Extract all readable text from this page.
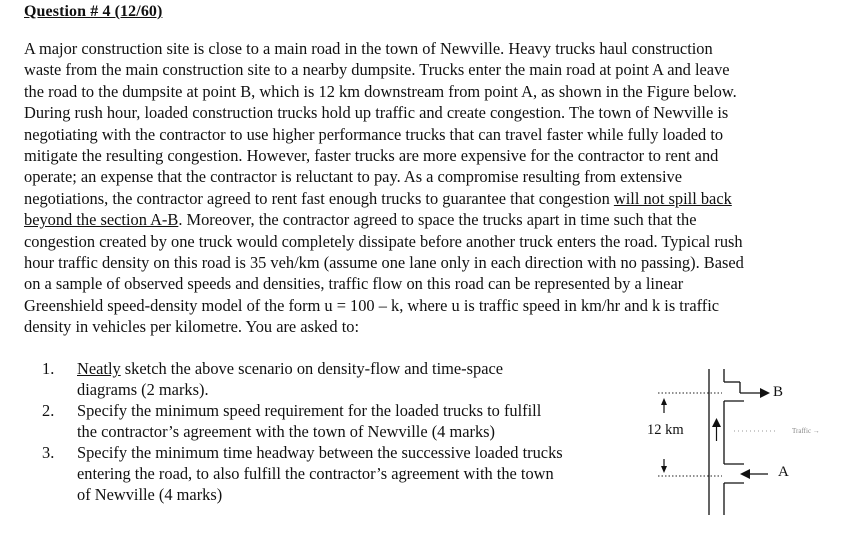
Question # 4 (12/60)
A major construction site is close to a main road in the town of Newville. Heavy trucks haul construction
waste from the main construction site to a nearby dumpsite. Trucks enter the main road at point A and leave
the road to the dumpsite at point B, which is 12 km downstream from point A, as shown in the Figure below.
During rush hour, loaded construction trucks hold up traffic and create congestion. The town of Newville is
negotiating with the contractor to use higher performance trucks that can travel faster while fully loaded to
mitigate the resulting congestion. However, faster trucks are more expensive for the contractor to rent and
operate; an expense that the contractor is reluctant to pay. As a compromise resulting from extensive
negotiations, the contractor agreed to rent fast enough trucks to guarantee that congestion will not spill back
beyond the section A-B. Moreover, the contractor agreed to space the trucks apart in time such that the
congestion created by one truck would completely dissipate before another truck enters the road. Typical rush
hour traffic density on this road is 35 veh/km (assume one lane only in each direction with no passing). Based
on a sample of observed speeds and densities, traffic flow on this road can be represented by a linear
Greenshield speed-density model of the form u = 100 – k, where u is traffic speed in km/hr and k is traffic
density in vehicles per kilometre. You are asked to:
1. Neatly sketch the above scenario on density-flow and time-space
diagrams (2 marks).
2. Specify the minimum speed requirement for the loaded trucks to fulfill
the contractor’s agreement with the town of Newville (4 marks)
3. Specify the minimum time headway between the successive loaded trucks
entering the road, to also fulfill the contractor’s agreement with the town
of Newville (4 marks)
12 km
B
A
Traffic →
